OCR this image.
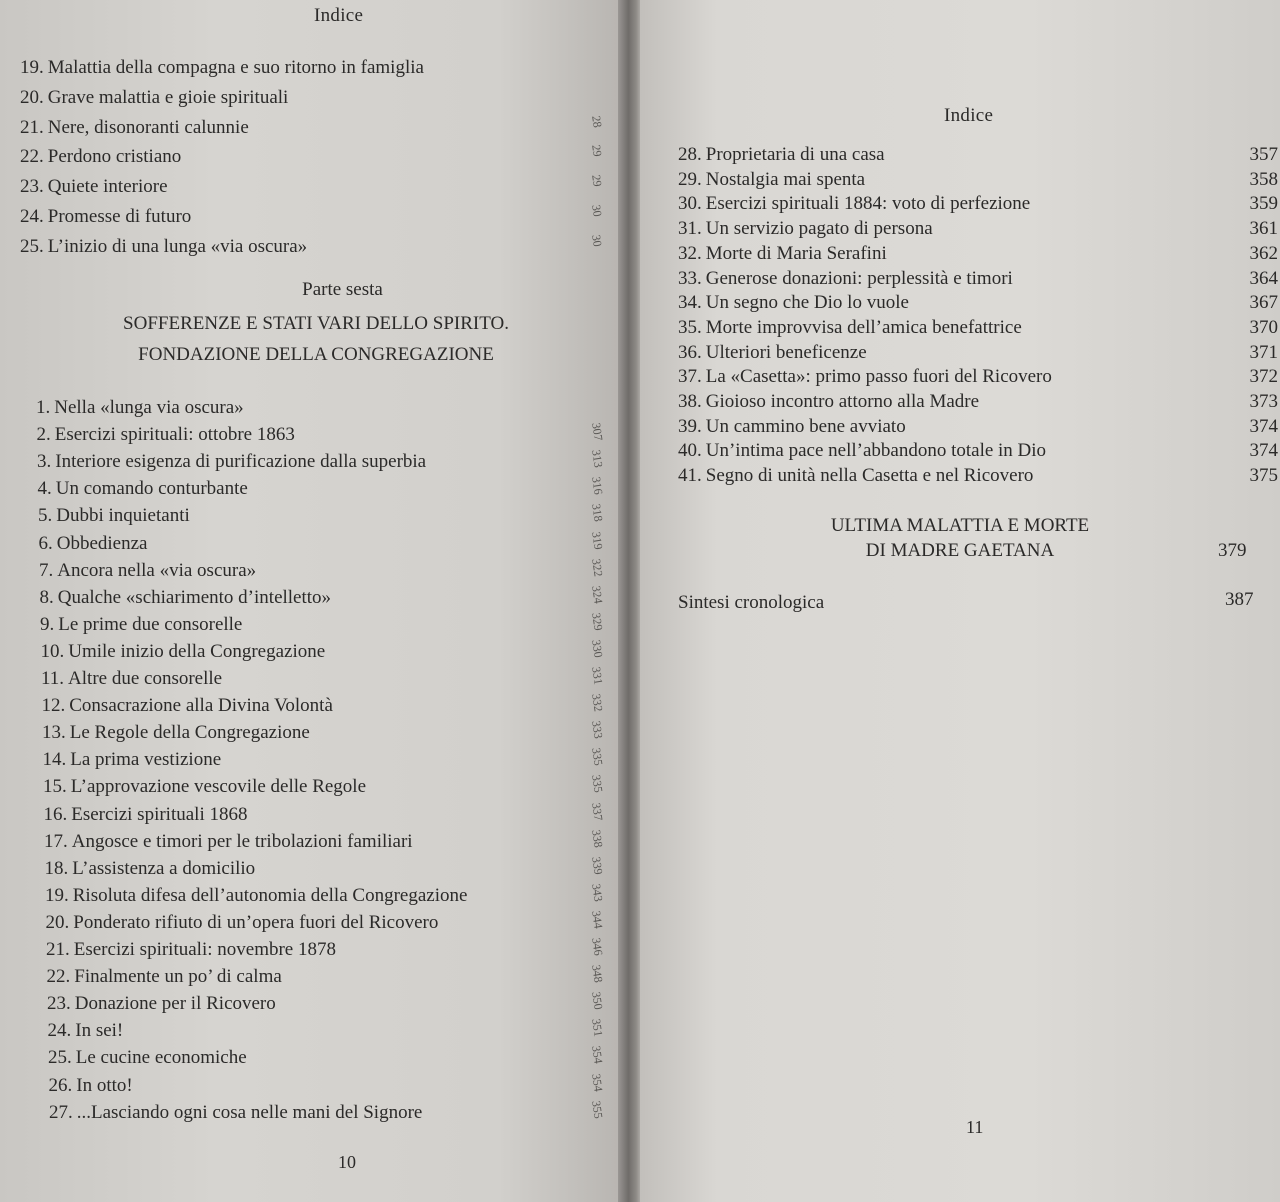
Indice
19. Malattia della compagna e suo ritorno in famiglia
20. Grave malattia e gioie spirituali
21. Nere, disonoranti calunnie	28
22. Perdono cristiano	29
23. Quiete interiore	29
24. Promesse di futuro	30
25. L’inizio di una lunga «via oscura»	30
Parte sesta
SOFFERENZE E STATI VARI DELLO SPIRITO.
FONDAZIONE DELLA CONGREGAZIONE
1. Nella «lunga via oscura»
2. Esercizi spirituali: ottobre 1863	307
3. Interiore esigenza di purificazione dalla superbia	313
4. Un comando conturbante	316
5. Dubbi inquietanti	318
6. Obbedienza	319
7. Ancora nella «via oscura»	322
8. Qualche «schiarimento d’intelletto»	324
9. Le prime due consorelle	329
10. Umile inizio della Congregazione	330
11. Altre due consorelle	331
12. Consacrazione alla Divina Volontà	332
13. Le Regole della Congregazione	333
14. La prima vestizione	335
15. L’approvazione vescovile delle Regole	335
16. Esercizi spirituali 1868	337
17. Angosce e timori per le tribolazioni familiari	338
18. L’assistenza a domicilio	339
19. Risoluta difesa dell’autonomia della Congregazione	343
20. Ponderato rifiuto di un’opera fuori del Ricovero	344
21. Esercizi spirituali: novembre 1878	346
22. Finalmente un po’ di calma	348
23. Donazione per il Ricovero	350
24. In sei!	351
25. Le cucine economiche	354
26. In otto!	354
27. ...Lasciando ogni cosa nelle mani del Signore	355
10
Indice
28. Proprietaria di una casa	357
29. Nostalgia mai spenta	358
30. Esercizi spirituali 1884: voto di perfezione	359
31. Un servizio pagato di persona	361
32. Morte di Maria Serafini	362
33. Generose donazioni: perplessità e timori	364
34. Un segno che Dio lo vuole	367
35. Morte improvvisa dell’amica benefattrice	370
36. Ulteriori beneficenze	371
37. La «Casetta»: primo passo fuori del Ricovero	372
38. Gioioso incontro attorno alla Madre	373
39. Un cammino bene avviato	374
40. Un’intima pace nell’abbandono totale in Dio	374
41. Segno di unità nella Casetta e nel Ricovero	375
ULTIMA MALATTIA E MORTE
DI MADRE GAETANA	379
Sintesi cronologica	387
11
